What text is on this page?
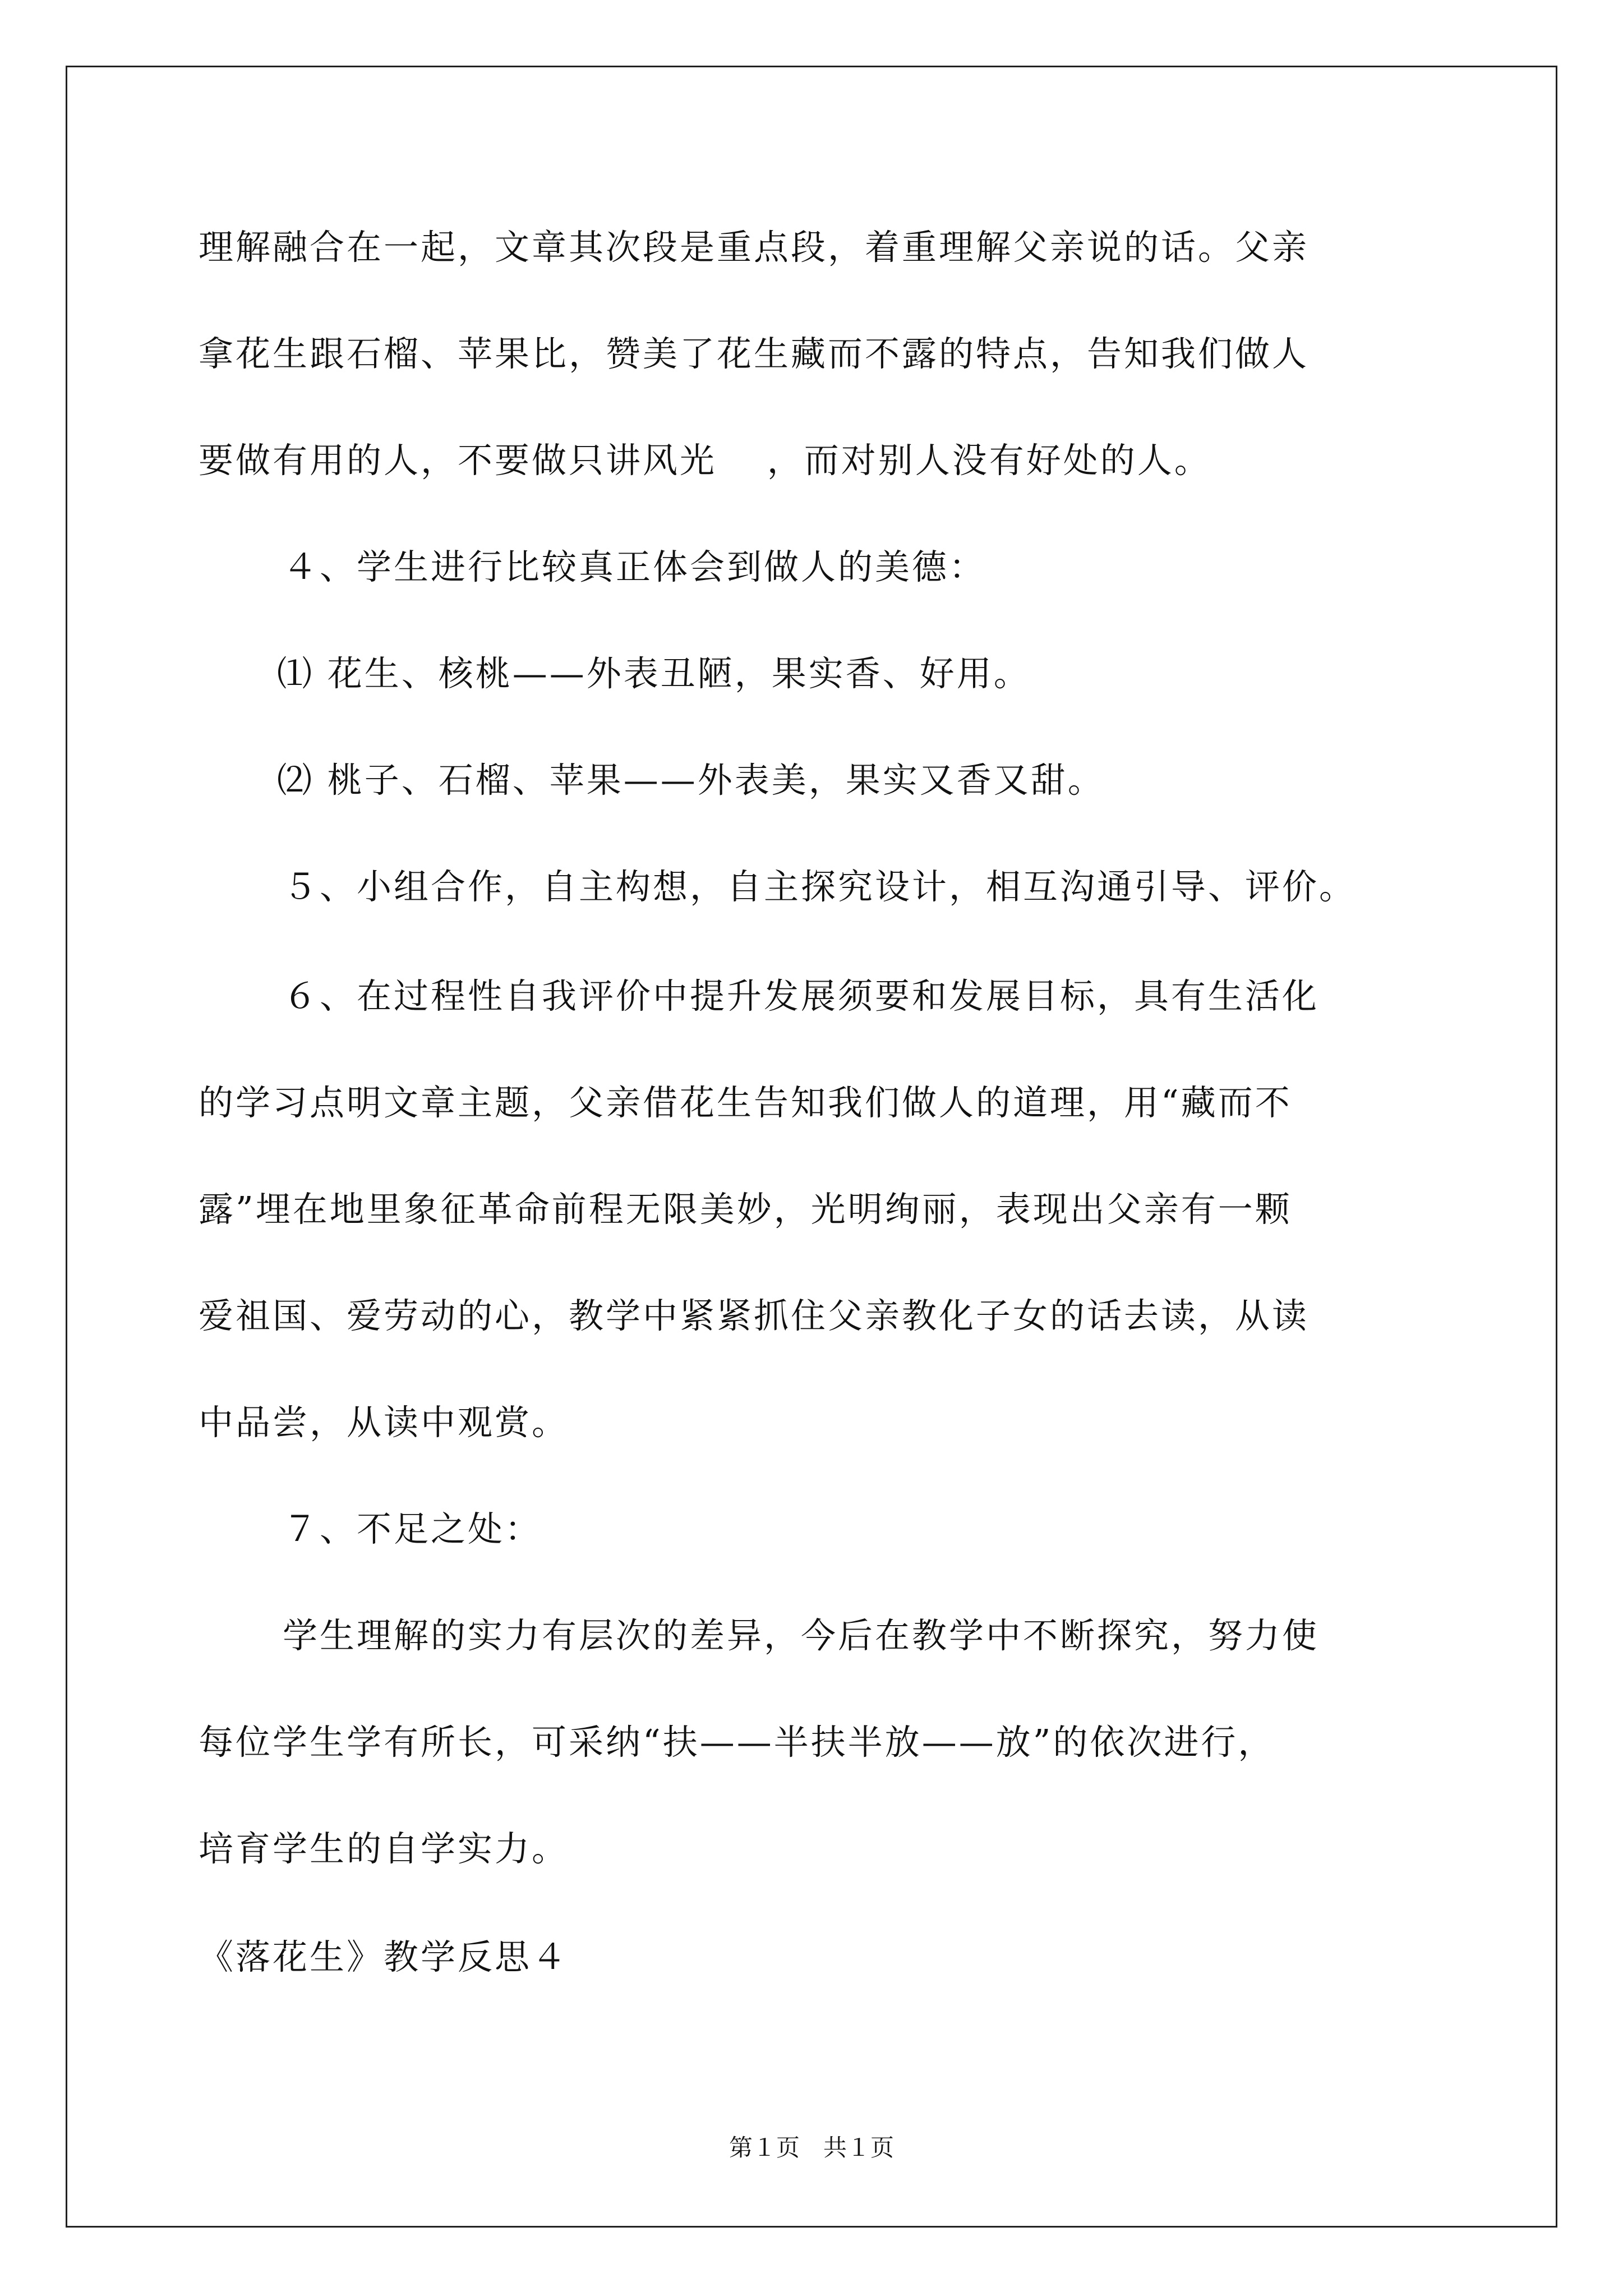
理解融合在一起，文章其次段是重点段，着重理解父亲说的话。父亲
拿花生跟石榴、苹果比，赞美了花生藏而不露的特点，告知我们做人
要做有用的人，不要做只讲风光　 ，而对别人没有好处的人。
４、学生进行比较真正体会到做人的美德：
⑴ 花生、核桃——外表丑陋，果实香、好用。
⑵ 桃子、石榴、苹果——外表美，果实又香又甜。
５、小组合作，自主构想，自主探究设计，相互沟通引导、评价。
６、在过程性自我评价中提升发展须要和发展目标，具有生活化
的学习点明文章主题，父亲借花生告知我们做人的道理，用“藏而不
露”埋在地里象征革命前程无限美妙，光明绚丽，表现出父亲有一颗
爱祖国、爱劳动的心，教学中紧紧抓住父亲教化子女的话去读，从读
中品尝，从读中观赏。
７、不足之处：
学生理解的实力有层次的差异，今后在教学中不断探究，努力使
每位学生学有所长，可采纳“扶——半扶半放——放”的依次进行，
培育学生的自学实力。
《落花生》教学反思４
第１页　共１页
